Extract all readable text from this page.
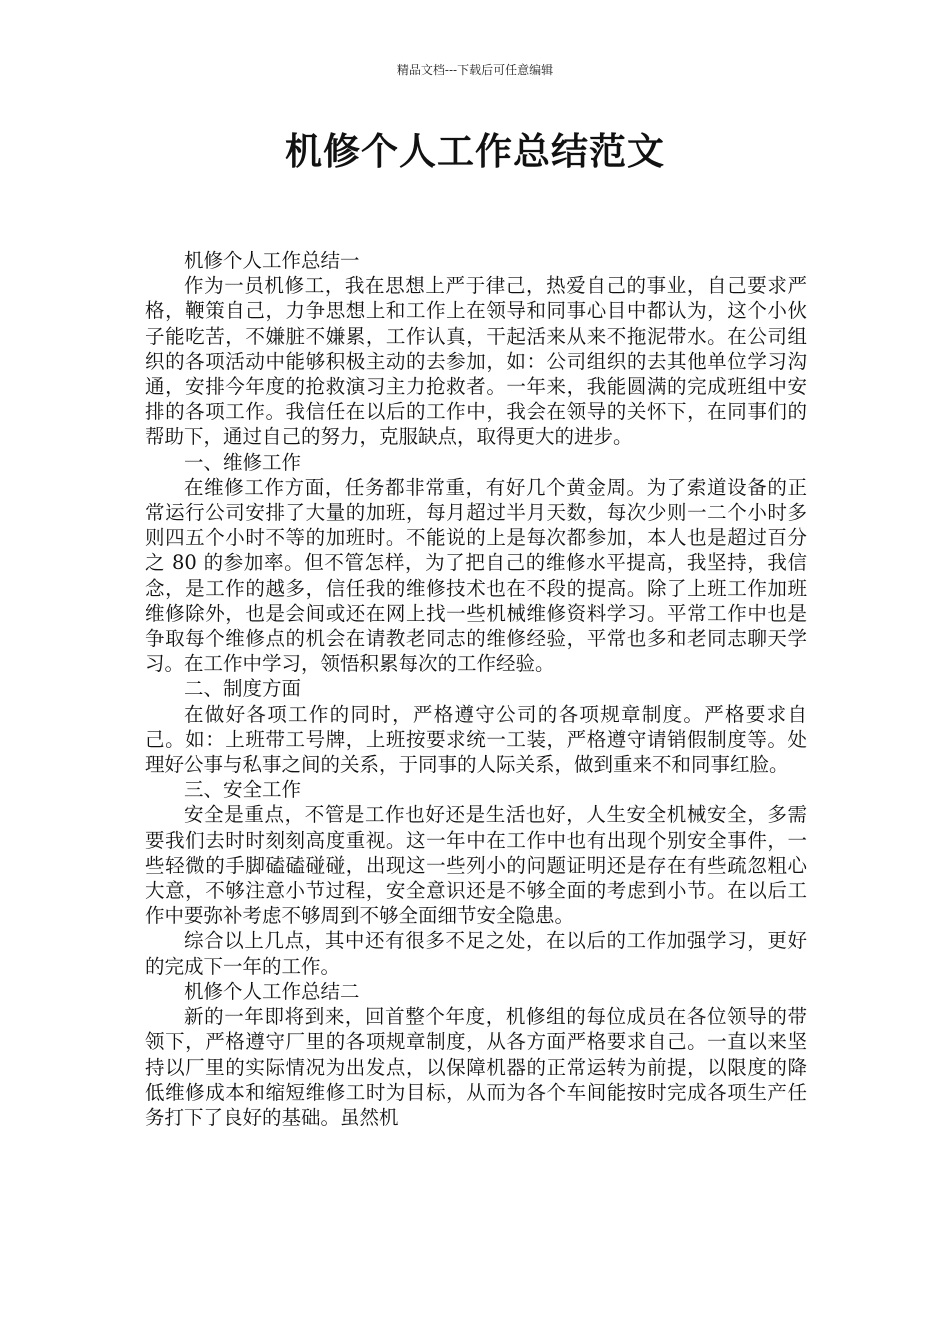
精品文档---下载后可任意编辑
机修个人工作总结范文

机修个人工作总结一

作为一员机修工，我在思想上严于律己，热爱自己的事业，自己要求严格，鞭策自己，力争思想上和工作上在领导和同事心目中都认为，这个小伙子能吃苦，不嫌脏不嫌累，工作认真，干起活来从来不拖泥带水。在公司组织的各项活动中能够积极主动的去参加，如：公司组织的去其他单位学习沟通，安排今年度的抢救演习主力抢救者。一年来，我能圆满的完成班组中安排的各项工作。我信任在以后的工作中，我会在领导的关怀下，在同事们的帮助下，通过自己的努力，克服缺点，取得更大的进步。

一、维修工作

在维修工作方面，任务都非常重，有好几个黄金周。为了索道设备的正常运行公司安排了大量的加班，每月超过半月天数，每次少则一二个小时多则四五个小时不等的加班时。不能说的上是每次都参加，本人也是超过百分之 80 的参加率。但不管怎样，为了把自己的维修水平提高，我坚持，我信念，是工作的越多，信任我的维修技术也在不段的提高。除了上班工作加班维修除外，也是会间或还在网上找一些机械维修资料学习。平常工作中也是争取每个维修点的机会在请教老同志的维修经验，平常也多和老同志聊天学习。在工作中学习，领悟积累每次的工作经验。

二、制度方面

在做好各项工作的同时，严格遵守公司的各项规章制度。严格要求自己。如：上班带工号牌，上班按要求统一工装，严格遵守请销假制度等。处理好公事与私事之间的关系，于同事的人际关系，做到重来不和同事红脸。

三、安全工作

安全是重点，不管是工作也好还是生活也好，人生安全机械安全，多需要我们去时时刻刻高度重视。这一年中在工作中也有出现个别安全事件，一些轻微的手脚磕磕碰碰，出现这一些列小的问题证明还是存在有些疏忽粗心大意，不够注意小节过程，安全意识还是不够全面的考虑到小节。在以后工作中要弥补考虑不够周到不够全面细节安全隐患。

综合以上几点，其中还有很多不足之处，在以后的工作加强学习，更好的完成下一年的工作。

机修个人工作总结二

新的一年即将到来，回首整个年度，机修组的每位成员在各位领导的带领下，严格遵守厂里的各项规章制度，从各方面严格要求自己。一直以来坚持以厂里的实际情况为出发点，以保障机器的正常运转为前提，以限度的降低维修成本和缩短维修工时为目标，从而为各个车间能按时完成各项生产任务打下了良好的基础。虽然机
